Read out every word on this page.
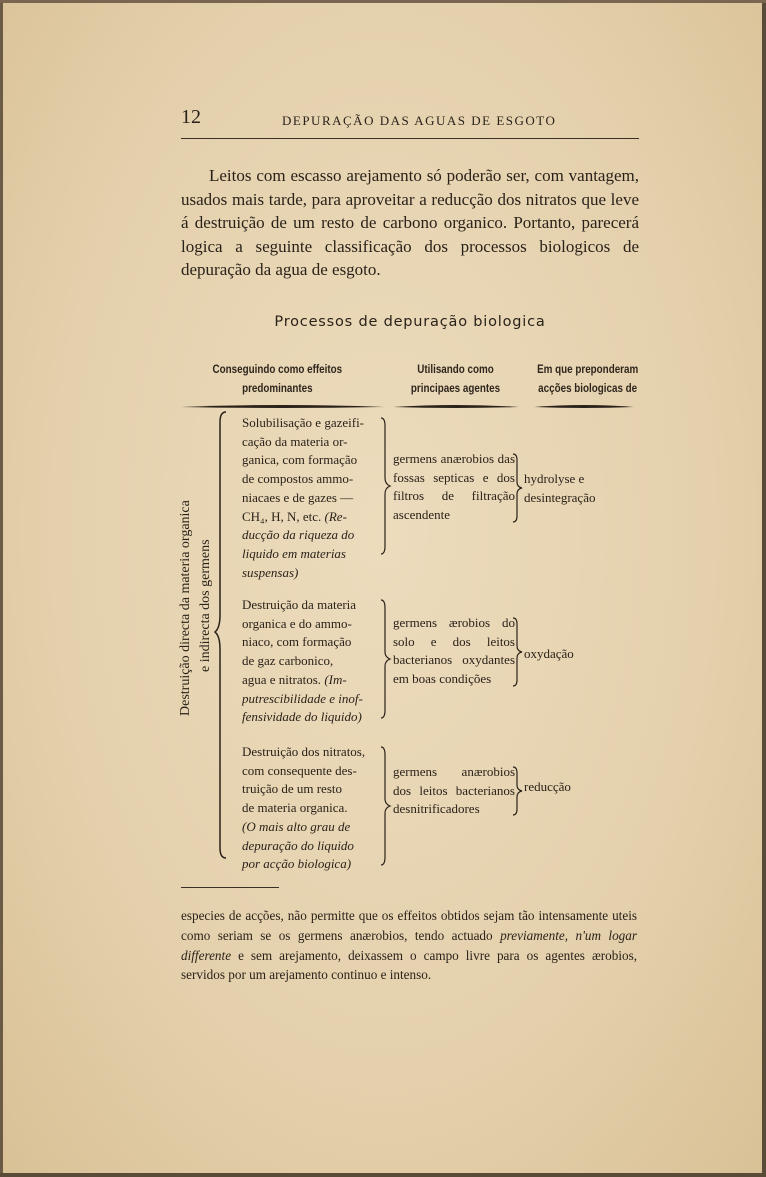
12	DEPURAÇÃO DAS AGUAS DE ESGOTO

Leitos com escasso arejamento só poderão ser, com vantagem, usados mais tarde, para aproveitar a reducção dos nitratos que leve á destruição de um resto de carbono organico. Portanto, parecerá logica a seguinte classificação dos processos biologicos de depuração da agua de esgoto.

Processos de depuração biologica
Conseguindo como effeitos predominantes
Utilisando como principaes agentes
Em que preponderam acções biologicas de
Destruição directa da materia organica e indirecta dos germens
Solubilisação e gazeifi-
cação da materia or-
ganica, com formação
de compostos ammo-
niacaes e de gazes —
CH₄, H, N, etc. (Re-
ducção da riqueza do
liquido em materias
suspensas)
germens anærobios das fossas septicas e dos filtros de filtração ascendente
hydrolyse e desintegração
Destruição da materia
organica e do ammo-
niaco, com formação
de gaz carbonico,
agua e nitratos. (Im-
putrescibilidade e inof-
fensividade do liquido)
germens ærobios do solo e dos leitos bacterianos oxydantes em boas condições
oxydação
Destruição dos nitratos,
com consequente des-
truição de um resto
de materia organica.
(O mais alto grau de
depuração do liquido
por acção biologica)
germens anærobios dos leitos bacterianos desnitrificadores
reducção
especies de acções, não permitte que os effeitos obtidos sejam tão intensamente uteis como seriam se os germens anærobios, tendo actuado previamente, n'um logar differente e sem arejamento, deixassem o campo livre para os agentes ærobios, servidos por um arejamento continuo e intenso.
